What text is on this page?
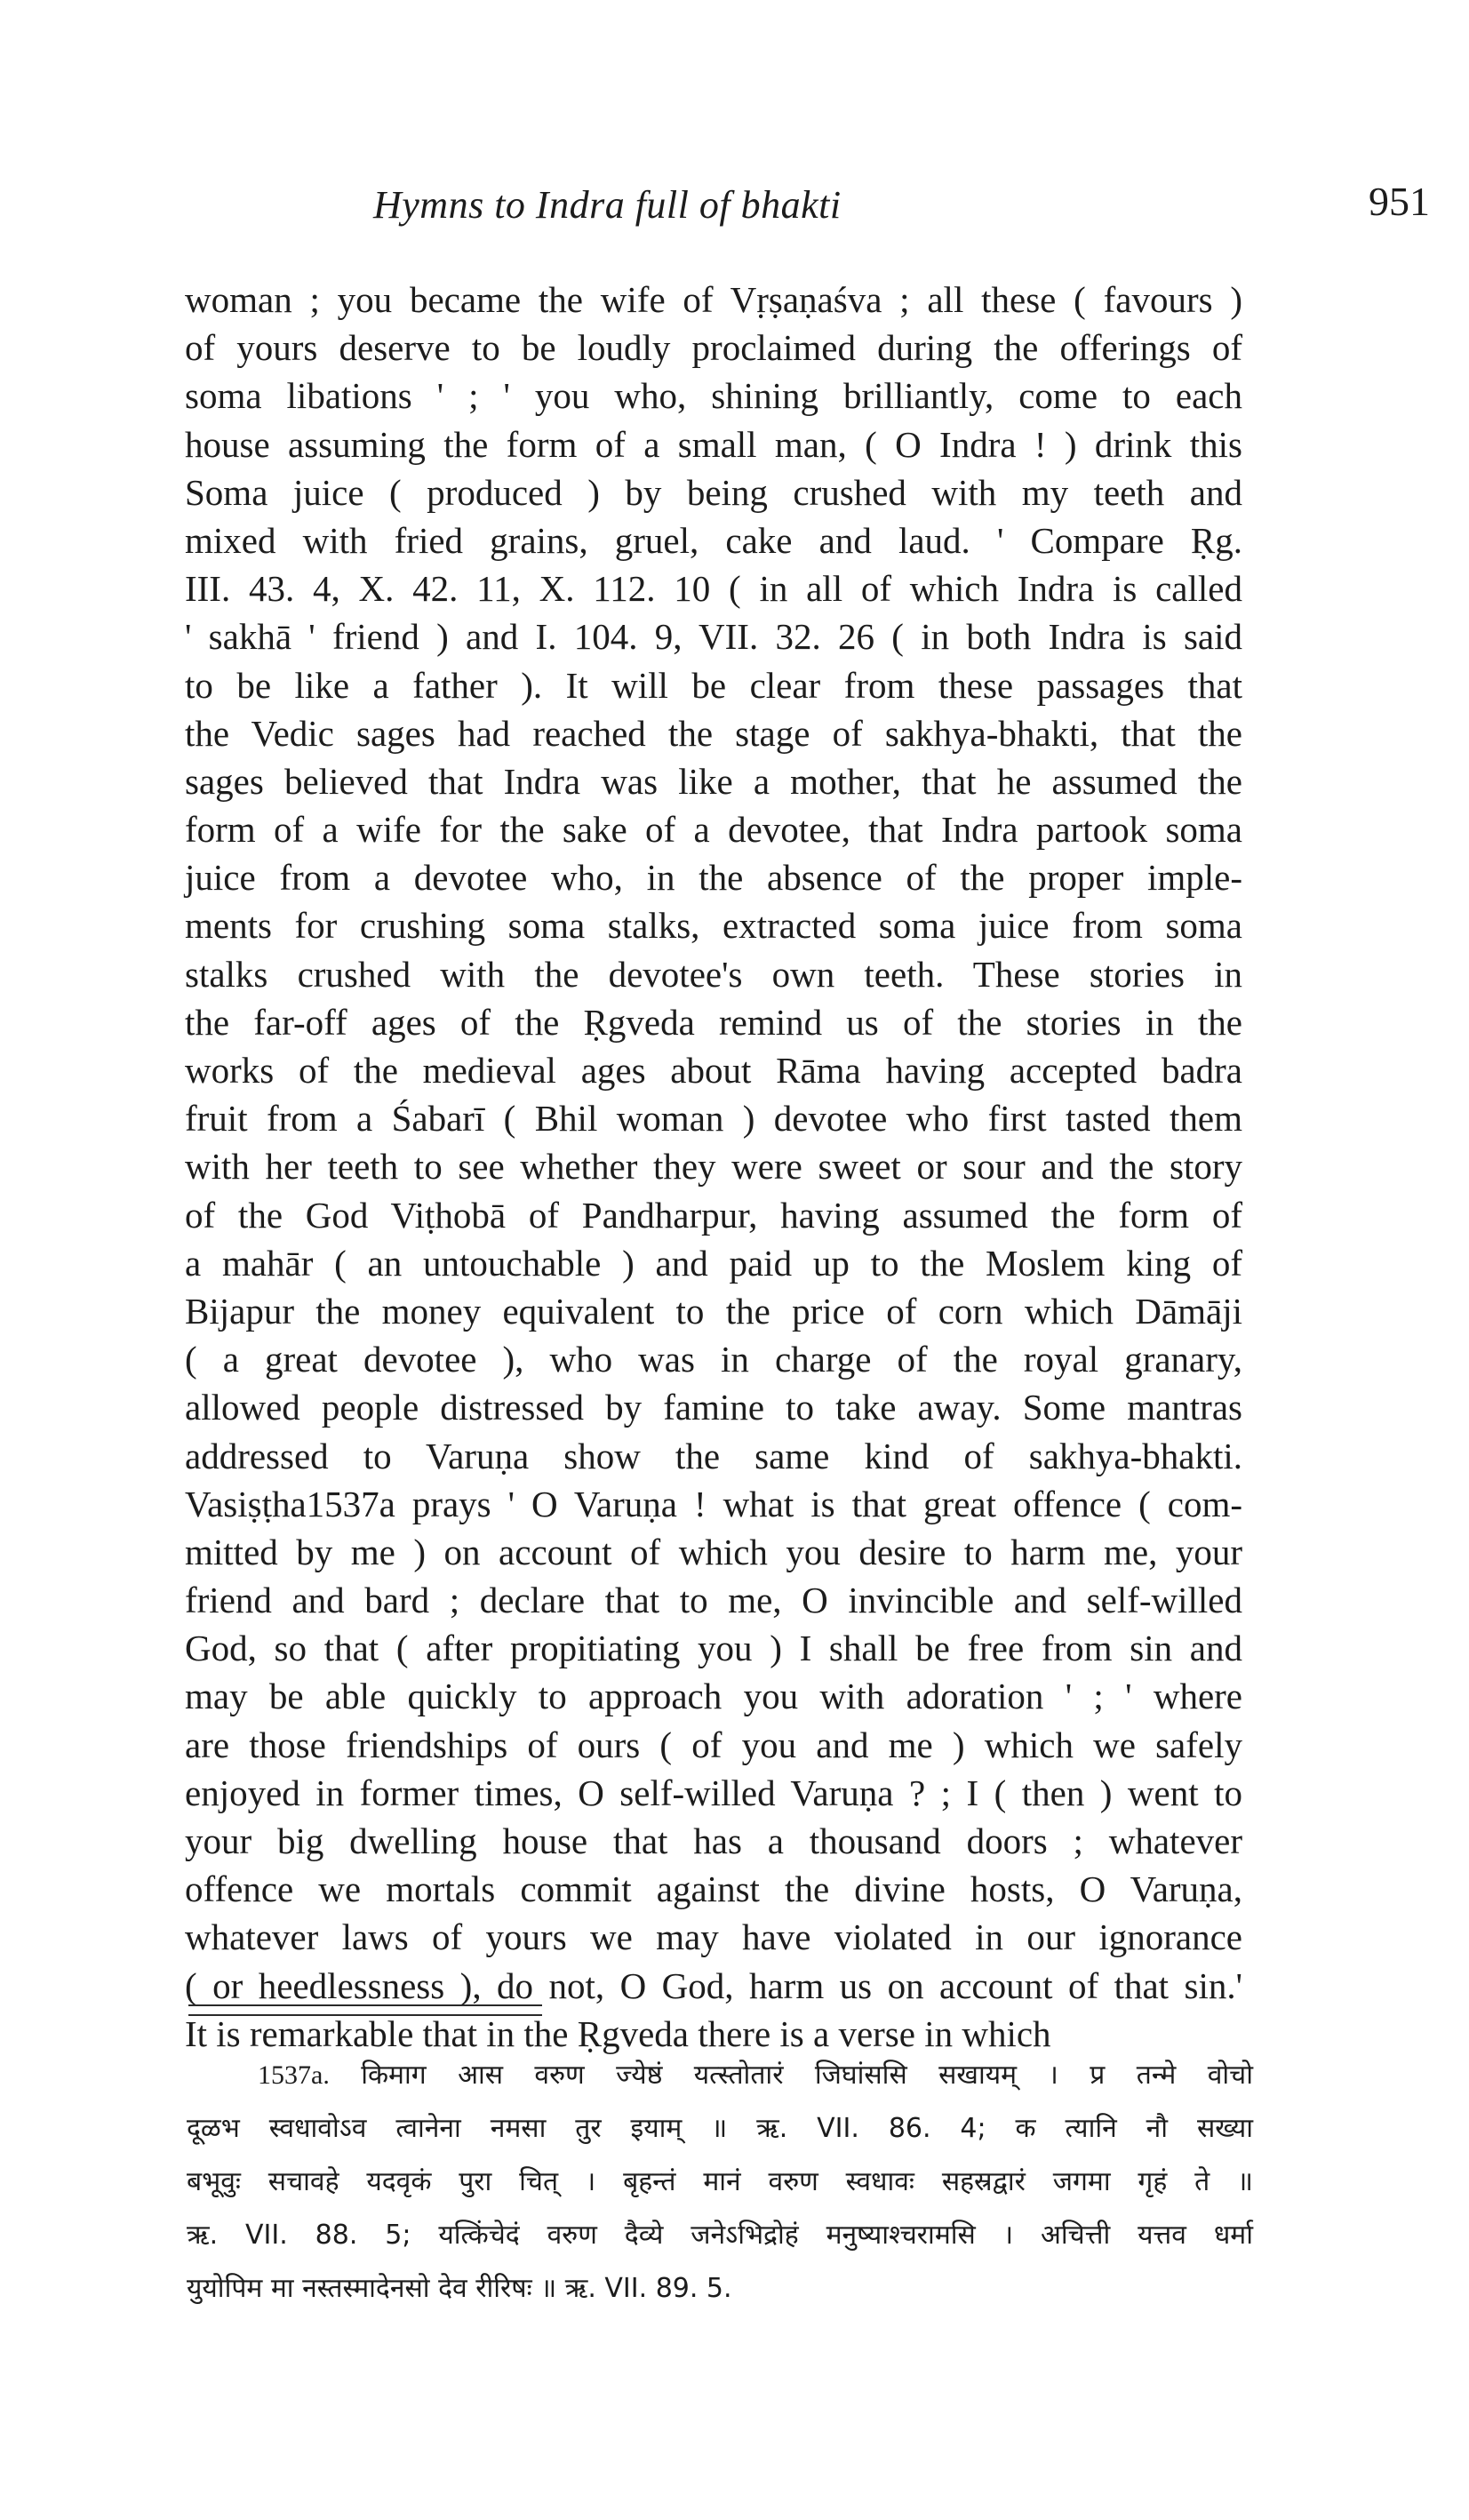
Hymns to Indra full of bhakti	951
woman ; you became the wife of Vṛṣaṇaśva ; all these ( favours )
of yours deserve to be loudly proclaimed during the offerings of
soma libations ' ; ' you who, shining brilliantly, come to each
house assuming the form of a small man, ( O Indra ! ) drink this
Soma juice ( produced ) by being crushed with my teeth and
mixed with fried grains, gruel, cake and laud. ' Compare Ṛg.
III. 43. 4, X. 42. 11, X. 112. 10 ( in all of which Indra is called
' sakhā ' friend ) and I. 104. 9, VII. 32. 26 ( in both Indra is said
to be like a father ). It will be clear from these passages that
the Vedic sages had reached the stage of sakhya-bhakti, that the
sages believed that Indra was like a mother, that he assumed the
form of a wife for the sake of a devotee, that Indra partook soma
juice from a devotee who, in the absence of the proper imple-
ments for crushing soma stalks, extracted soma juice from soma
stalks crushed with the devotee's own teeth. These stories in
the far-off ages of the Ṛgveda remind us of the stories in the
works of the medieval ages about Rāma having accepted badra
fruit from a Śabarī ( Bhil woman ) devotee who first tasted them
with her teeth to see whether they were sweet or sour and the story
of the God Viṭhobā of Pandharpur, having assumed the form of
a mahār ( an untouchable ) and paid up to the Moslem king of
Bijapur the money equivalent to the price of corn which Dāmāji
( a great devotee ), who was in charge of the royal granary,
allowed people distressed by famine to take away. Some mantras
addressed to Varuṇa show the same kind of sakhya-bhakti.
Vasiṣṭha1537a prays ' O Varuṇa ! what is that great offence ( com-
mitted by me ) on account of which you desire to harm me, your
friend and bard ; declare that to me, O invincible and self-willed
God, so that ( after propitiating you ) I shall be free from sin and
may be able quickly to approach you with adoration ' ; ' where
are those friendships of ours ( of you and me ) which we safely
enjoyed in former times, O self-willed Varuṇa ? ; I ( then ) went to
your big dwelling house that has a thousand doors ; whatever
offence we mortals commit against the divine hosts, O Varuṇa,
whatever laws of yours we may have violated in our ignorance
( or heedlessness ), do not, O God, harm us on account of that sin.'
It is remarkable that in the Ṛgveda there is a verse in which
1537a. किमाग आस वरुण ज्येष्ठं यत्स्तोतारं जिघांससि सखायम् । प्र तन्मे वोचो
दूळभ स्वधावोऽव त्वानेना नमसा तुर इयाम् ॥ ऋ. VII. 86. 4; क त्यानि नौ सख्या
बभूवुः सचावहे यदवृकं पुरा चित् । बृहन्तं मानं वरुण स्वधावः सहस्रद्वारं जगमा गृहं ते ॥
ऋ. VII. 88. 5; यत्किंचेदं वरुण दैव्ये जनेऽभिद्रोहं मनुष्याश्चरामसि । अचित्ती यत्तव धर्मा
युयोपिम मा नस्तस्मादेनसो देव रीरिषः ॥ ऋ. VII. 89. 5.
